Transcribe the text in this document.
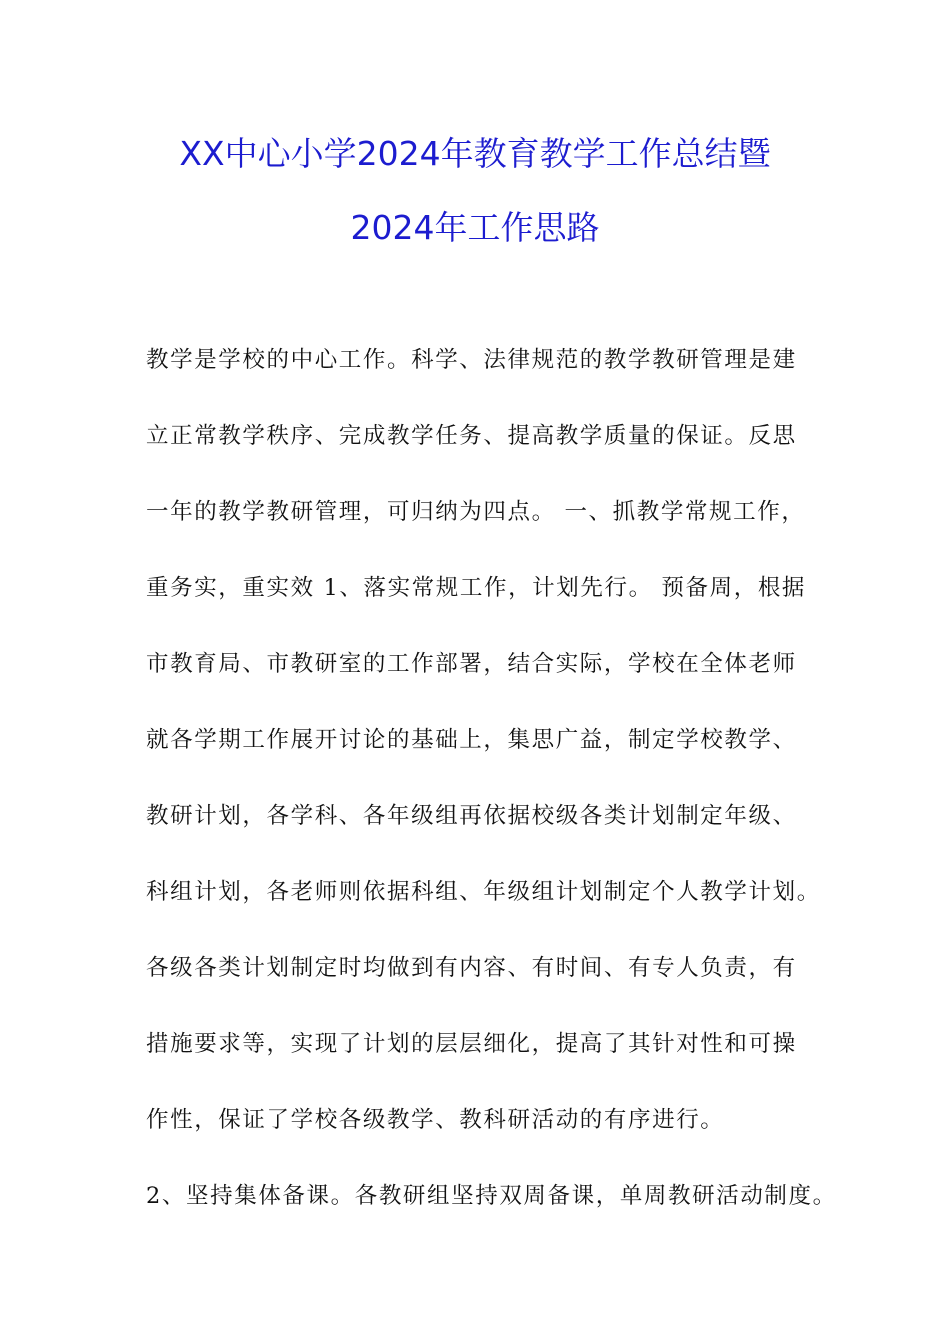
XX中心小学2024年教育教学工作总结暨
2024年工作思路
教学是学校的中心工作。科学、法律规范的教学教研管理是建
立正常教学秩序、完成教学任务、提高教学质量的保证。反思
一年的教学教研管理，可归纳为四点。 一、抓教学常规工作，
重务实，重实效 1、落实常规工作，计划先行。 预备周，根据
市教育局、市教研室的工作部署，结合实际，学校在全体老师
就各学期工作展开讨论的基础上，集思广益，制定学校教学、
教研计划，各学科、各年级组再依据校级各类计划制定年级、
科组计划，各老师则依据科组、年级组计划制定个人教学计划。
各级各类计划制定时均做到有内容、有时间、有专人负责，有
措施要求等，实现了计划的层层细化，提高了其针对性和可操
作性，保证了学校各级教学、教科研活动的有序进行。
2、坚持集体备课。各教研组坚持双周备课，单周教研活动制度。
